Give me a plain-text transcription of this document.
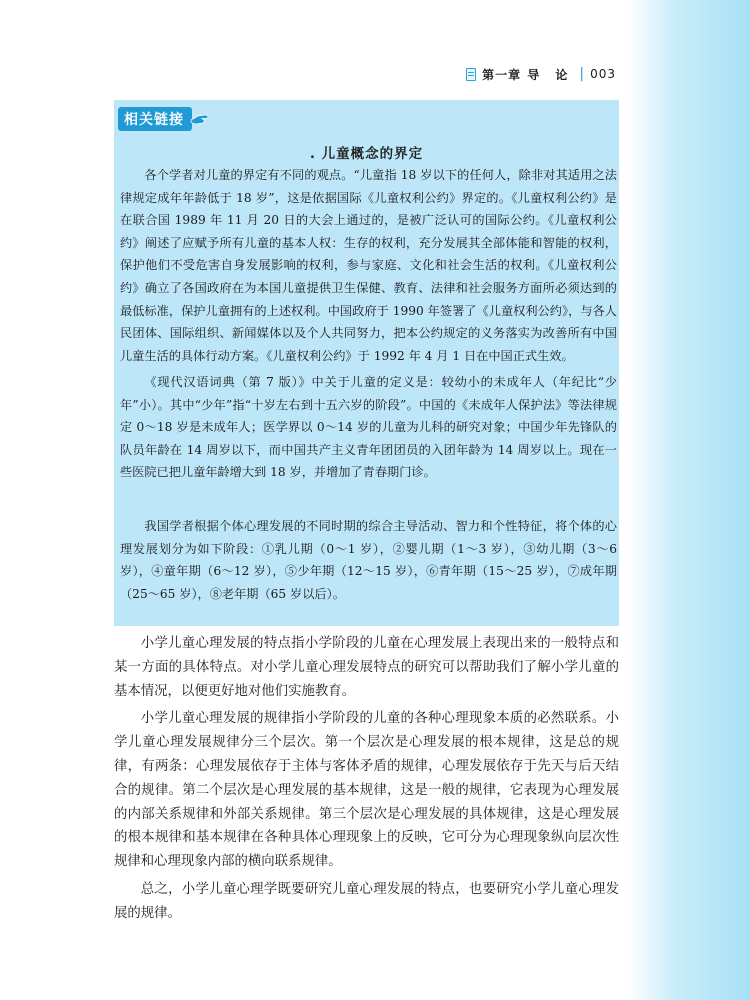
第一章 导 论 | 003
相关链接
. 儿童概念的界定

各个学者对儿童的界定有不同的观点。“儿童指 18 岁以下的任何人，除非对其适用之法律规定成年年龄低于 18 岁”，这是依据国际《儿童权利公约》界定的。《儿童权利公约》是在联合国 1989 年 11 月 20 日的大会上通过的，是被广泛认可的国际公约。《儿童权利公约》阐述了应赋予所有儿童的基本人权：生存的权利，充分发展其全部体能和智能的权利，保护他们不受危害自身发展影响的权利，参与家庭、文化和社会生活的权利。《儿童权利公约》确立了各国政府在为本国儿童提供卫生保健、教育、法律和社会服务方面所必须达到的最低标准，保护儿童拥有的上述权利。中国政府于 1990 年签署了《儿童权利公约》，与各人民团体、国际组织、新闻媒体以及个人共同努力，把本公约规定的义务落实为改善所有中国儿童生活的具体行动方案。《儿童权利公约》于 1992 年 4 月 1 日在中国正式生效。

《现代汉语词典（第 7 版）》中关于儿童的定义是：较幼小的未成年人（年纪比“少年”小）。其中“少年”指“十岁左右到十五六岁的阶段”。中国的《未成年人保护法》等法律规定 0～18 岁是未成年人；医学界以 0～14 岁的儿童为儿科的研究对象；中国少年先锋队的队员年龄在 14 周岁以下，而中国共产主义青年团团员的入团年龄为 14 周岁以上。现在一些医院已把儿童年龄增大到 18 岁，并增加了青春期门诊。

我国学者根据个体心理发展的不同时期的综合主导活动、智力和个性特征，将个体的心理发展划分为如下阶段：①乳儿期（0～1 岁），②婴儿期（1～3 岁），③幼儿期（3～6 岁），④童年期（6～12 岁），⑤少年期（12～15 岁），⑥青年期（15～25 岁），⑦成年期（25～65 岁），⑧老年期（65 岁以后）。

小学儿童心理发展的特点指小学阶段的儿童在心理发展上表现出来的一般特点和某一方面的具体特点。对小学儿童心理发展特点的研究可以帮助我们了解小学儿童的基本情况，以便更好地对他们实施教育。

小学儿童心理发展的规律指小学阶段的儿童的各种心理现象本质的必然联系。小学儿童心理发展规律分三个层次。第一个层次是心理发展的根本规律，这是总的规律，有两条：心理发展依存于主体与客体矛盾的规律，心理发展依存于先天与后天结合的规律。第二个层次是心理发展的基本规律，这是一般的规律，它表现为心理发展的内部关系规律和外部关系规律。第三个层次是心理发展的具体规律，这是心理发展的根本规律和基本规律在各种具体心理现象上的反映，它可分为心理现象纵向层次性规律和心理现象内部的横向联系规律。

总之，小学儿童心理学既要研究儿童心理发展的特点，也要研究小学儿童心理发展的规律。
